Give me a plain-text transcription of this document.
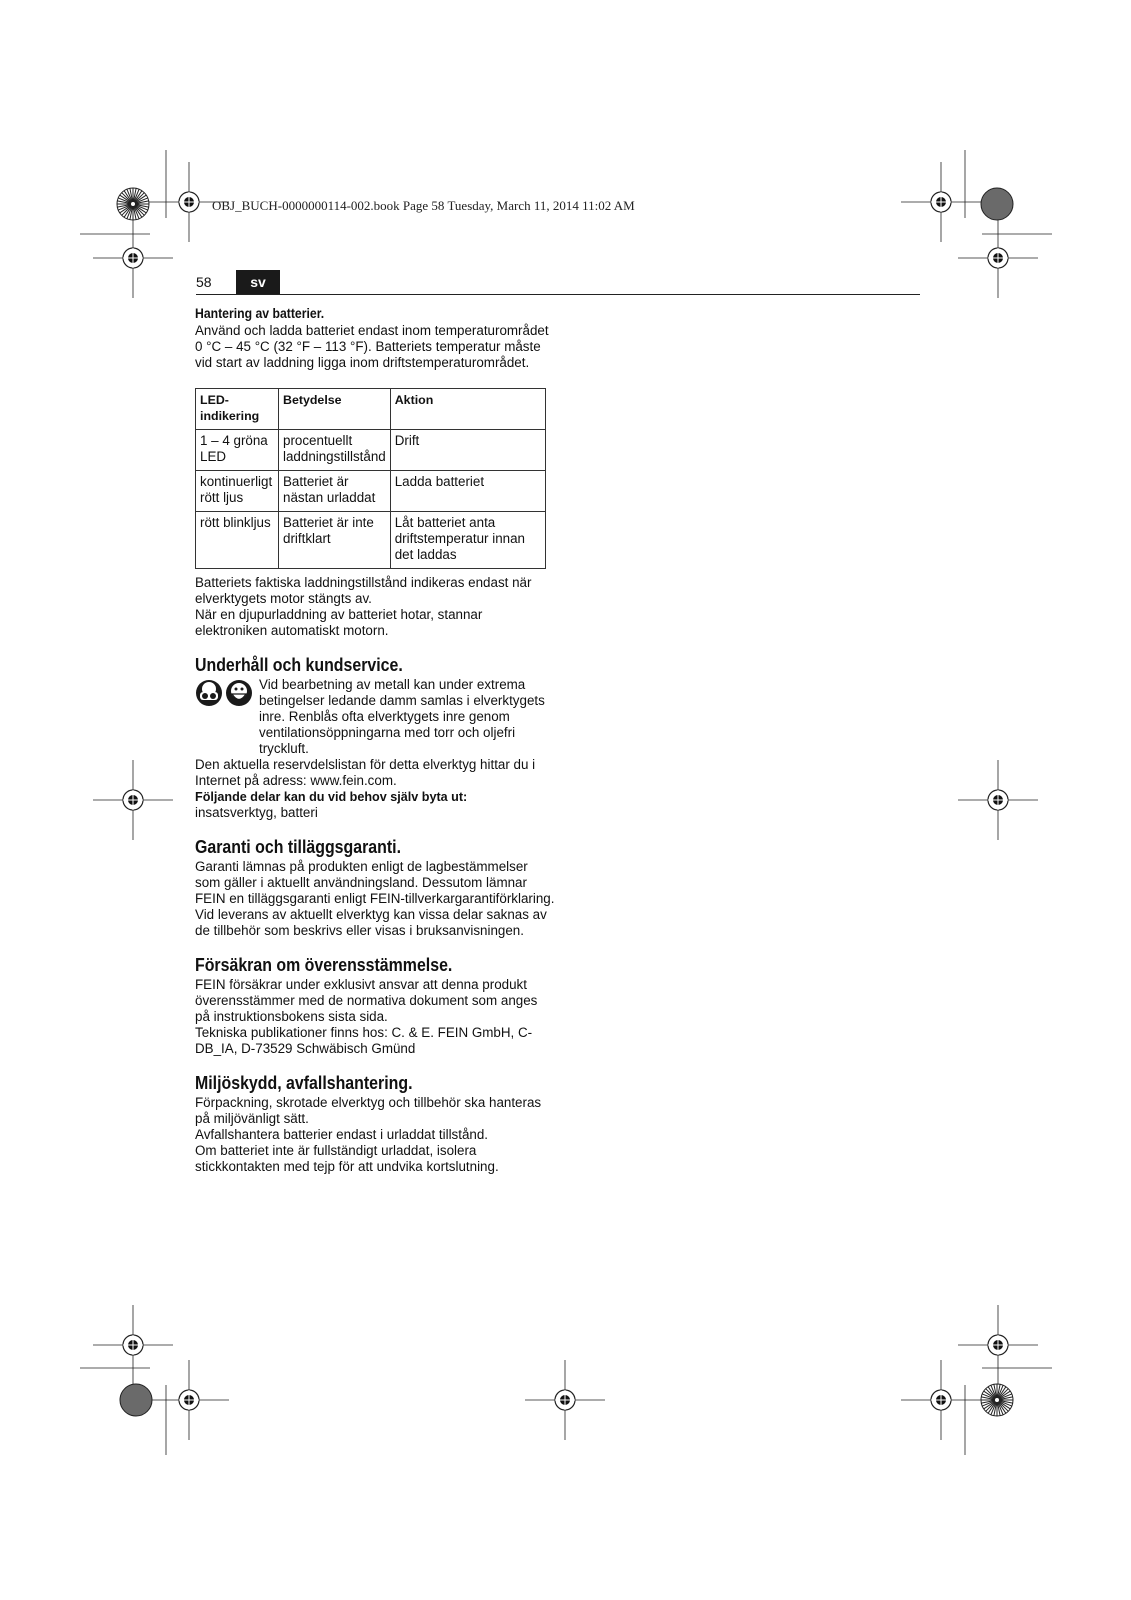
OBJ_BUCH-0000000114-002.book Page 58 Tuesday, March 11, 2014 11:02 AM
58	sv
Hantering av batterier.

Använd och ladda batteriet endast inom temperaturområdet 0 °C – 45 °C (32 °F – 113 °F). Batteriets temperatur måste vid start av laddning ligga inom driftstemperaturområdet.

LED-indikering	Betydelse	Aktion
1 – 4 gröna LED	procentuellt laddningstillstånd	Drift
kontinuerligt rött ljus	Batteriet är nästan urladdat	Ladda batteriet
rött blinkljus	Batteriet är inte driftklart	Låt batteriet anta driftstemperatur innan det laddas

Batteriets faktiska laddningstillstånd indikeras endast när elverktygets motor stängts av.

När en djupurladdning av batteriet hotar, stannar elektroniken automatiskt motorn.

Underhåll och kundservice.

Vid bearbetning av metall kan under extrema betingelser ledande damm samlas i elverktygets inre. Renblås ofta elverktygets inre genom ventilationsöppningarna med torr och oljefri tryckluft.

Den aktuella reservdelslistan för detta elverktyg hittar du i Internet på adress: www.fein.com.

Följande delar kan du vid behov själv byta ut:

insatsverktyg, batteri

Garanti och tilläggsgaranti.

Garanti lämnas på produkten enligt de lagbestämmelser som gäller i aktuellt användningsland. Dessutom lämnar FEIN en tilläggsgaranti enligt FEIN-tillverkargarantiförklaring.

Vid leverans av aktuellt elverktyg kan vissa delar saknas av de tillbehör som beskrivs eller visas i bruksanvisningen.

Försäkran om överensstämmelse.

FEIN försäkrar under exklusivt ansvar att denna produkt överensstämmer med de normativa dokument som anges på instruktionsbokens sista sida.

Tekniska publikationer finns hos: C. & E. FEIN GmbH, C-DB_IA, D-73529 Schwäbisch Gmünd

Miljöskydd, avfallshantering.

Förpackning, skrotade elverktyg och tillbehör ska hanteras på miljövänligt sätt.

Avfallshantera batterier endast i urladdat tillstånd.

Om batteriet inte är fullständigt urladdat, isolera stickkontakten med tejp för att undvika kortslutning.
